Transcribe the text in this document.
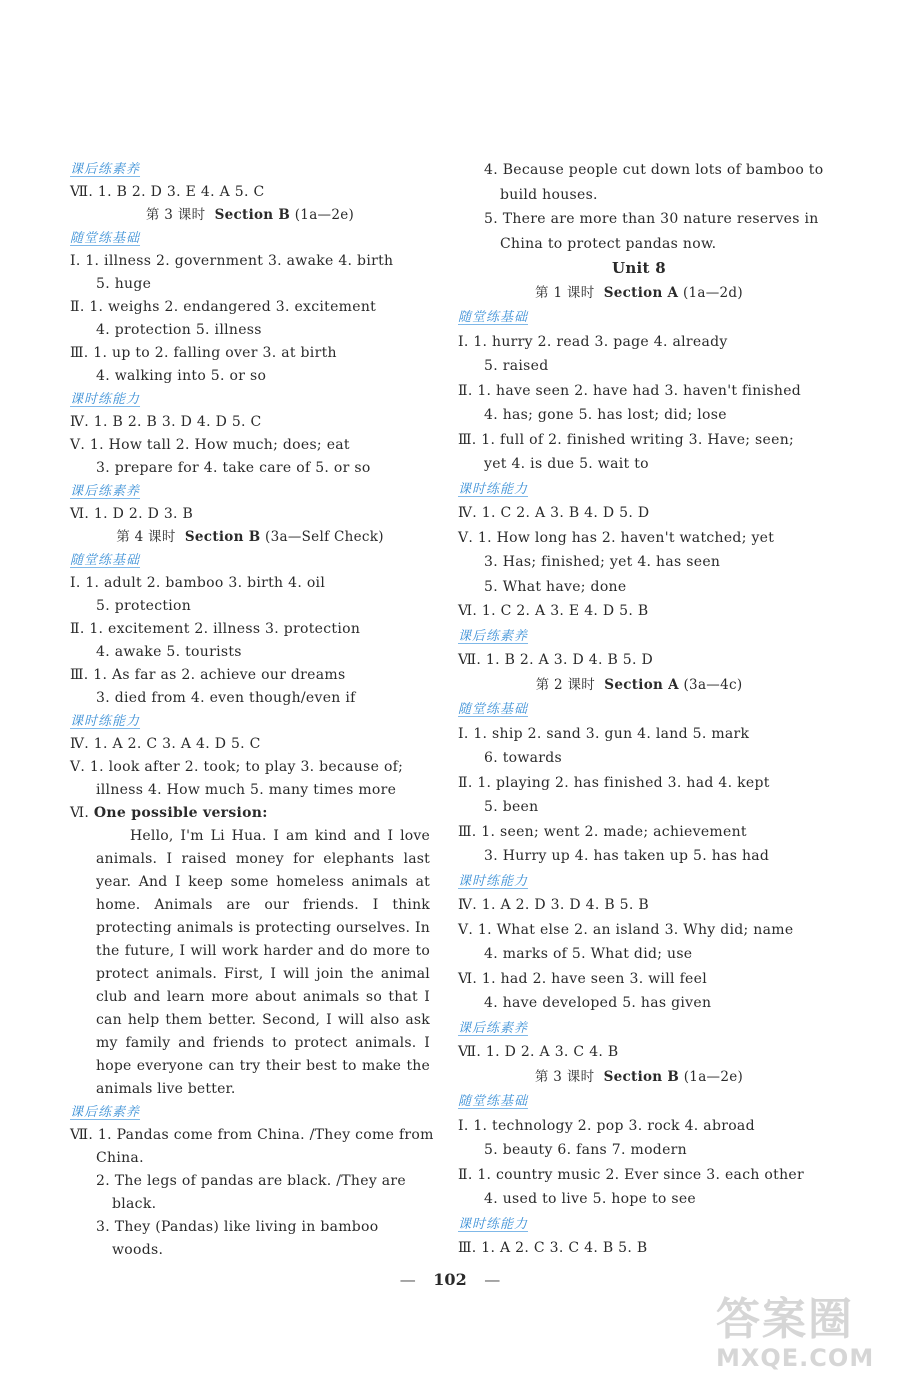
课后练素养
Ⅶ. 1. B 2. D 3. E 4. A 5. C
第 3 课时 Section B (1a—2e)
随堂练基础
Ⅰ. 1. illness 2. government 3. awake 4. birth
5. huge
Ⅱ. 1. weighs 2. endangered 3. excitement
4. protection 5. illness
Ⅲ. 1. up to 2. falling over 3. at birth
4. walking into 5. or so
课时练能力
Ⅳ. 1. B 2. B 3. D 4. D 5. C
Ⅴ. 1. How tall 2. How much; does; eat
3. prepare for 4. take care of 5. or so
课后练素养
Ⅵ. 1. D 2. D 3. B
第 4 课时 Section B (3a—Self Check)
随堂练基础
Ⅰ. 1. adult 2. bamboo 3. birth 4. oil
5. protection
Ⅱ. 1. excitement 2. illness 3. protection
4. awake 5. tourists
Ⅲ. 1. As far as 2. achieve our dreams
3. died from 4. even though/even if
课时练能力
Ⅳ. 1. A 2. C 3. A 4. D 5. C
Ⅴ. 1. look after 2. took; to play 3. because of;
illness 4. How much 5. many times more
Ⅵ. One possible version:

Hello, I'm Li Hua. I am kind and I love animals. I raised money for elephants last year. And I keep some homeless animals at home. Animals are our friends. I think protecting animals is protecting ourselves. In the future, I will work harder and do more to protect animals. First, I will join the animal club and learn more about animals so that I can help them better. Second, I will also ask my family and friends to protect animals. I hope everyone can try their best to make the animals live better.

课后练素养
Ⅶ. 1. Pandas come from China. /They come from
China.
2. The legs of pandas are black. /They are
black.
3. They (Pandas) like living in bamboo
woods.
4. Because people cut down lots of bamboo to
build houses.
5. There are more than 30 nature reserves in
China to protect pandas now.
Unit 8
第 1 课时 Section A (1a—2d)
随堂练基础
Ⅰ. 1. hurry 2. read 3. page 4. already
5. raised
Ⅱ. 1. have seen 2. have had 3. haven't finished
4. has; gone 5. has lost; did; lose
Ⅲ. 1. full of 2. finished writing 3. Have; seen;
yet 4. is due 5. wait to
课时练能力
Ⅳ. 1. C 2. A 3. B 4. D 5. D
Ⅴ. 1. How long has 2. haven't watched; yet
3. Has; finished; yet 4. has seen
5. What have; done
Ⅵ. 1. C 2. A 3. E 4. D 5. B
课后练素养
Ⅶ. 1. B 2. A 3. D 4. B 5. D
第 2 课时 Section A (3a—4c)
随堂练基础
Ⅰ. 1. ship 2. sand 3. gun 4. land 5. mark
6. towards
Ⅱ. 1. playing 2. has finished 3. had 4. kept
5. been
Ⅲ. 1. seen; went 2. made; achievement
3. Hurry up 4. has taken up 5. has had
课时练能力
Ⅳ. 1. A 2. D 3. D 4. B 5. B
Ⅴ. 1. What else 2. an island 3. Why did; name
4. marks of 5. What did; use
Ⅵ. 1. had 2. have seen 3. will feel
4. have developed 5. has given
课后练素养
Ⅶ. 1. D 2. A 3. C 4. B
第 3 课时 Section B (1a—2e)
随堂练基础
Ⅰ. 1. technology 2. pop 3. rock 4. abroad
5. beauty 6. fans 7. modern
Ⅱ. 1. country music 2. Ever since 3. each other
4. used to live 5. hope to see
课时练能力
Ⅲ. 1. A 2. C 3. C 4. B 5. B
— 102 —
答案圈
MXQE.COM
